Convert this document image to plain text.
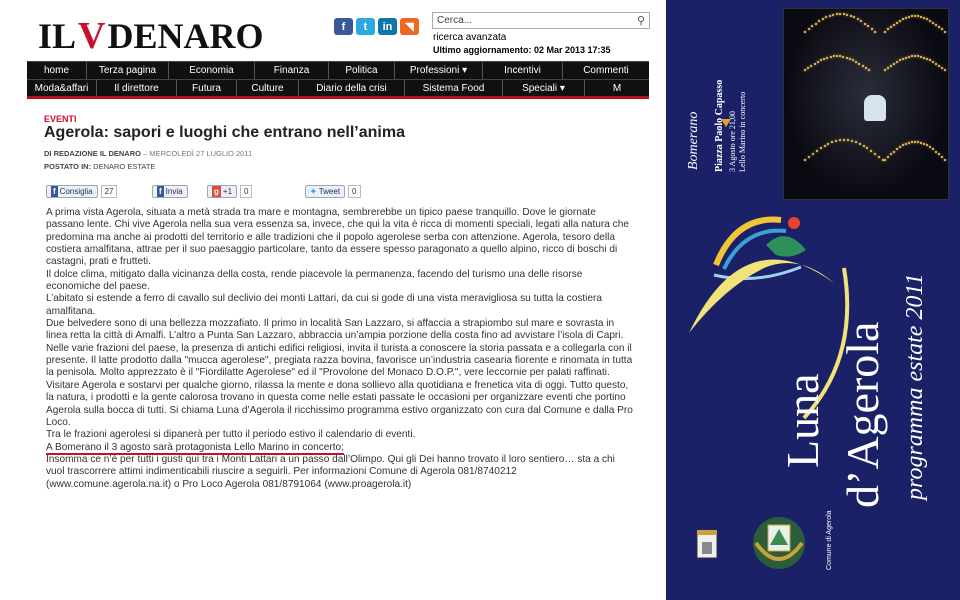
ILVDENARO	f	t	in	◥
Cerca...	⚲
ricerca avanzata
Ultimo aggiornamento: 02 Mar 2013 17:35
home	Terza pagina	Economia	Finanza	Politica	Professioni ▾	Incentivi	Commenti
Moda&affari	Il direttore	Futura	Culture	Diario della crisi	Sistema Food	Speciali ▾	M
EVENTI
Agerola: sapori e luoghi che entrano nell’anima
DI REDAZIONE IL DENARO – MERCOLEDÌ 27 LUGLIO 2011
POSTATO IN: DENARO ESTATE
f Consiglia	27	f Invia	g +1	0	✦ Tweet	0

A prima vista Agerola, situata a metà strada tra mare e montagna, sembrerebbe un tipico paese tranquillo. Dove le giornate passano lente. Chi vive Agerola nella sua vera essenza sa, invece, che qui la vita è ricca di momenti speciali, legati alla natura che predomina ma anche ai prodotti del territorio e alle tradizioni che il popolo agerolese serba con attenzione. Agerola, tesoro della costiera amalfitana, attrae per il suo paesaggio particolare, tanto da essere spesso paragonato a quello alpino, ricco di boschi di castagni, prati e frutteti.

Il dolce clima, mitigato dalla vicinanza della costa, rende piacevole la permanenza, facendo del turismo una delle risorse economiche del paese.

L’abitato si estende a ferro di cavallo sul declivio dei monti Lattari, da cui si gode di una vista meravigliosa su tutta la costiera amalfitana.

Due belvedere sono di una bellezza mozzafiato. Il primo in località San Lazzaro, si affaccia a strapiombo sul mare e sovrasta in linea retta la città di Amalfi. L’altro a Punta San Lazzaro, abbraccia un’ampia porzione della costa fino ad avvistare l’isola di Capri.

Nelle varie frazioni del paese, la presenza di antichi edifici religiosi, invita il turista a conoscere la storia passata e a collegarla con il presente. Il latte prodotto dalla "mucca agerolese", pregiata razza bovina, favorisce un’industria casearia fiorente e rinomata in tutta la penisola. Molto apprezzato è il "Fiordilatte Agerolese" ed il "Provolone del Monaco D.O.P.", vere leccornie per palati raffinati. Visitare Agerola e sostarvi per qualche giorno, rilassa la mente e dona sollievo alla quotidiana e frenetica vita di oggi. Tutto questo, la natura, i prodotti e la gente calorosa trovano in questa come nelle estati passate le occasioni per organizzare eventi che portino Agerola sulla bocca di tutti. Si chiama Luna d’Agerola il ricchissimo programma estivo organizzato con cura dal Comune e dalla Pro Loco.

Tra le frazioni agerolesi si dipanerà per tutto il periodo estivo il calendario di eventi.

A Bomerano il 3 agosto sarà protagonista Lello Marino in concerto;

Insomma ce n’è per tutti i gusti qui tra i Monti Lattari a un passo dall’Olimpo. Qui gli Dei hanno trovato il loro sentiero… sta a chi vuol trascorrere attimi indimenticabili riuscire a seguirli. Per informazioni Comune di Agerola 081/8740212 (www.comune.agerola.na.it) o Pro Loco Agerola 081/8791064 (www.proagerola.it)

Bomerano Piazza Paolo Capasso 3 Agosto ore 21,00 Lello Marino in concerto
Luna d’Agerola programma estate 2011
Comune di Agerola
